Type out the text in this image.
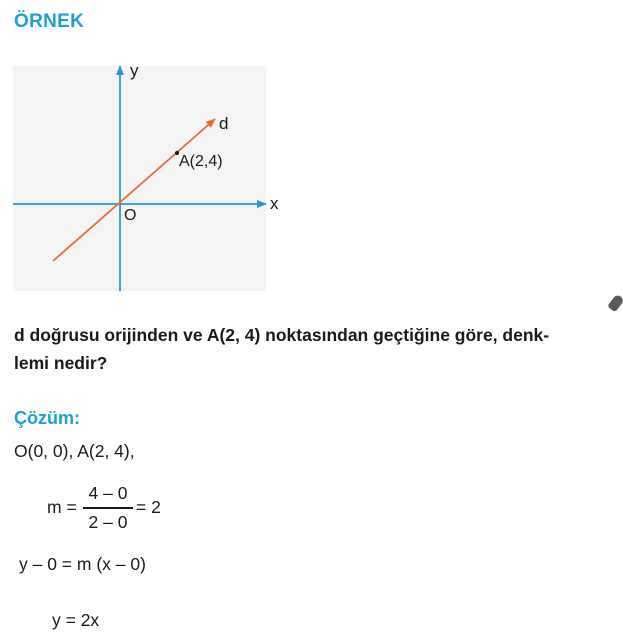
ÖRNEK
y
x
O
d
A(2,4)
d doğrusu orijinden ve A(2, 4) noktasından geçtiğine göre, denk-
lemi nedir?
Çözüm:
O(0, 0), A(2, 4),
m =
4 – 0
2 – 0
= 2
y – 0 = m (x – 0)
y = 2x
